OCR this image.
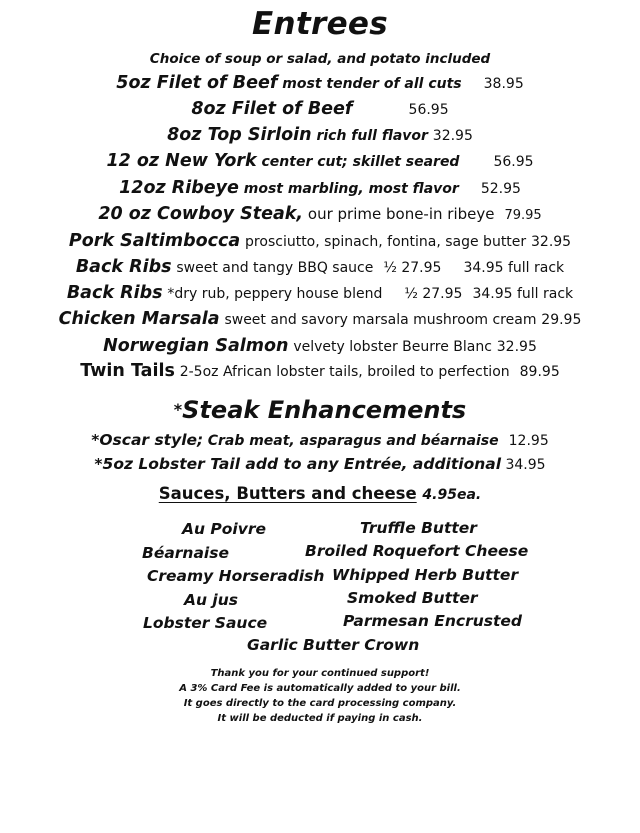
Entrees
Choice of soup or salad, and potato included
5oz Filet of Beef most tender of all cuts 38.95
8oz Filet of Beef	56.95
8oz Top Sirloin rich full flavor 32.95
12 oz New York center cut; skillet seared 56.95
12oz Ribeye most marbling, most flavor 52.95
20 oz Cowboy Steak, our prime bone-in ribeye 79.95
Pork Saltimbocca prosciutto, spinach, fontina, sage butter 32.95
Back Ribs sweet and tangy BBQ sauce ½ 27.95 34.95 full rack
Back Ribs *dry rub, peppery house blend ½ 27.95 34.95 full rack
Chicken Marsala sweet and savory marsala mushroom cream 29.95
Norwegian Salmon velvety lobster Beurre Blanc 32.95
Twin Tails 2-5oz African lobster tails, broiled to perfection 89.95
*Steak Enhancements
*Oscar style; Crab meat, asparagus and béarnaise 12.95
*5oz Lobster Tail add to any Entrée, additional 34.95
Sauces, Butters and cheese 4.95ea.
Au Poivre
Béarnaise
Creamy Horseradish
Au jus
Lobster Sauce
Truffle Butter
Broiled Roquefort Cheese
Whipped Herb Butter
Smoked Butter
Parmesan Encrusted
Garlic Butter Crown
Thank you for your continued support!
A 3% Card Fee is automatically added to your bill.
It goes directly to the card processing company.
It will be deducted if paying in cash.
